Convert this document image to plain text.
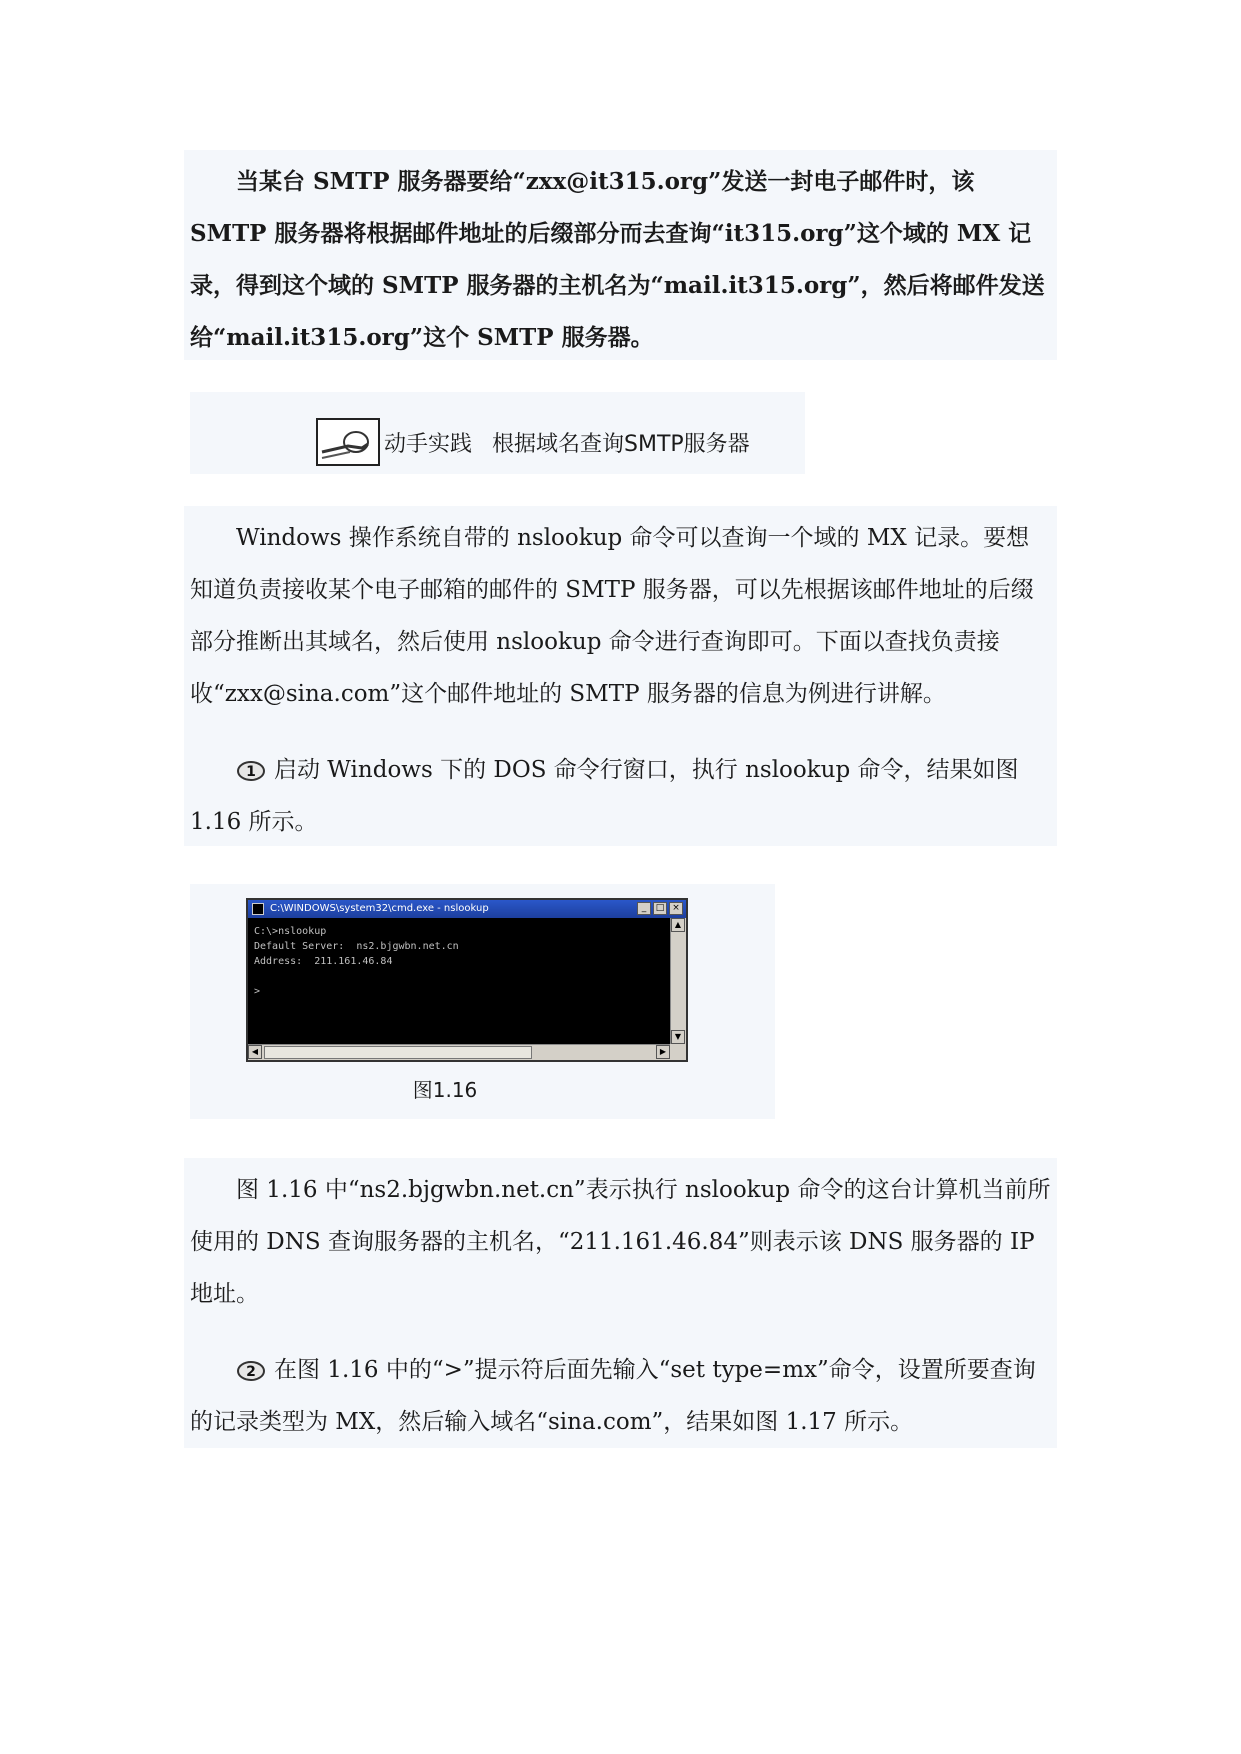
当某台 SMTP 服务器要给“zxx@it315.org”发送一封电子邮件时，该 SMTP 服务器将根据邮件地址的后缀部分而去查询“it315.org”这个域的 MX 记录，得到这个域的 SMTP 服务器的主机名为“mail.it315.org”，然后将邮件发送给“mail.it315.org”这个 SMTP 服务器。

动手实践 根据域名查询SMTP服务器

Windows 操作系统自带的 nslookup 命令可以查询一个域的 MX 记录。要想知道负责接收某个电子邮箱的邮件的 SMTP 服务器，可以先根据该邮件地址的后缀部分推断出其域名，然后使用 nslookup 命令进行查询即可。下面以查找负责接收“zxx@sina.com”这个邮件地址的 SMTP 服务器的信息为例进行讲解。

1 启动 Windows 下的 DOS 命令行窗口，执行 nslookup 命令，结果如图 1.16 所示。

C:\WINDOWS\system32\cmd.exe - nslookup	_	□ ×
C:\>nslookup
Default Server:  ns2.bjgwbn.net.cn
Address:  211.161.46.84

>
▲
▼
◀	▶
图1.16

图 1.16 中“ns2.bjgwbn.net.cn”表示执行 nslookup 命令的这台计算机当前所使用的 DNS 查询服务器的主机名，“211.161.46.84”则表示该 DNS 服务器的 IP 地址。

2 在图 1.16 中的“>”提示符后面先输入“set type=mx”命令，设置所要查询的记录类型为 MX，然后输入域名“sina.com”，结果如图 1.17 所示。
